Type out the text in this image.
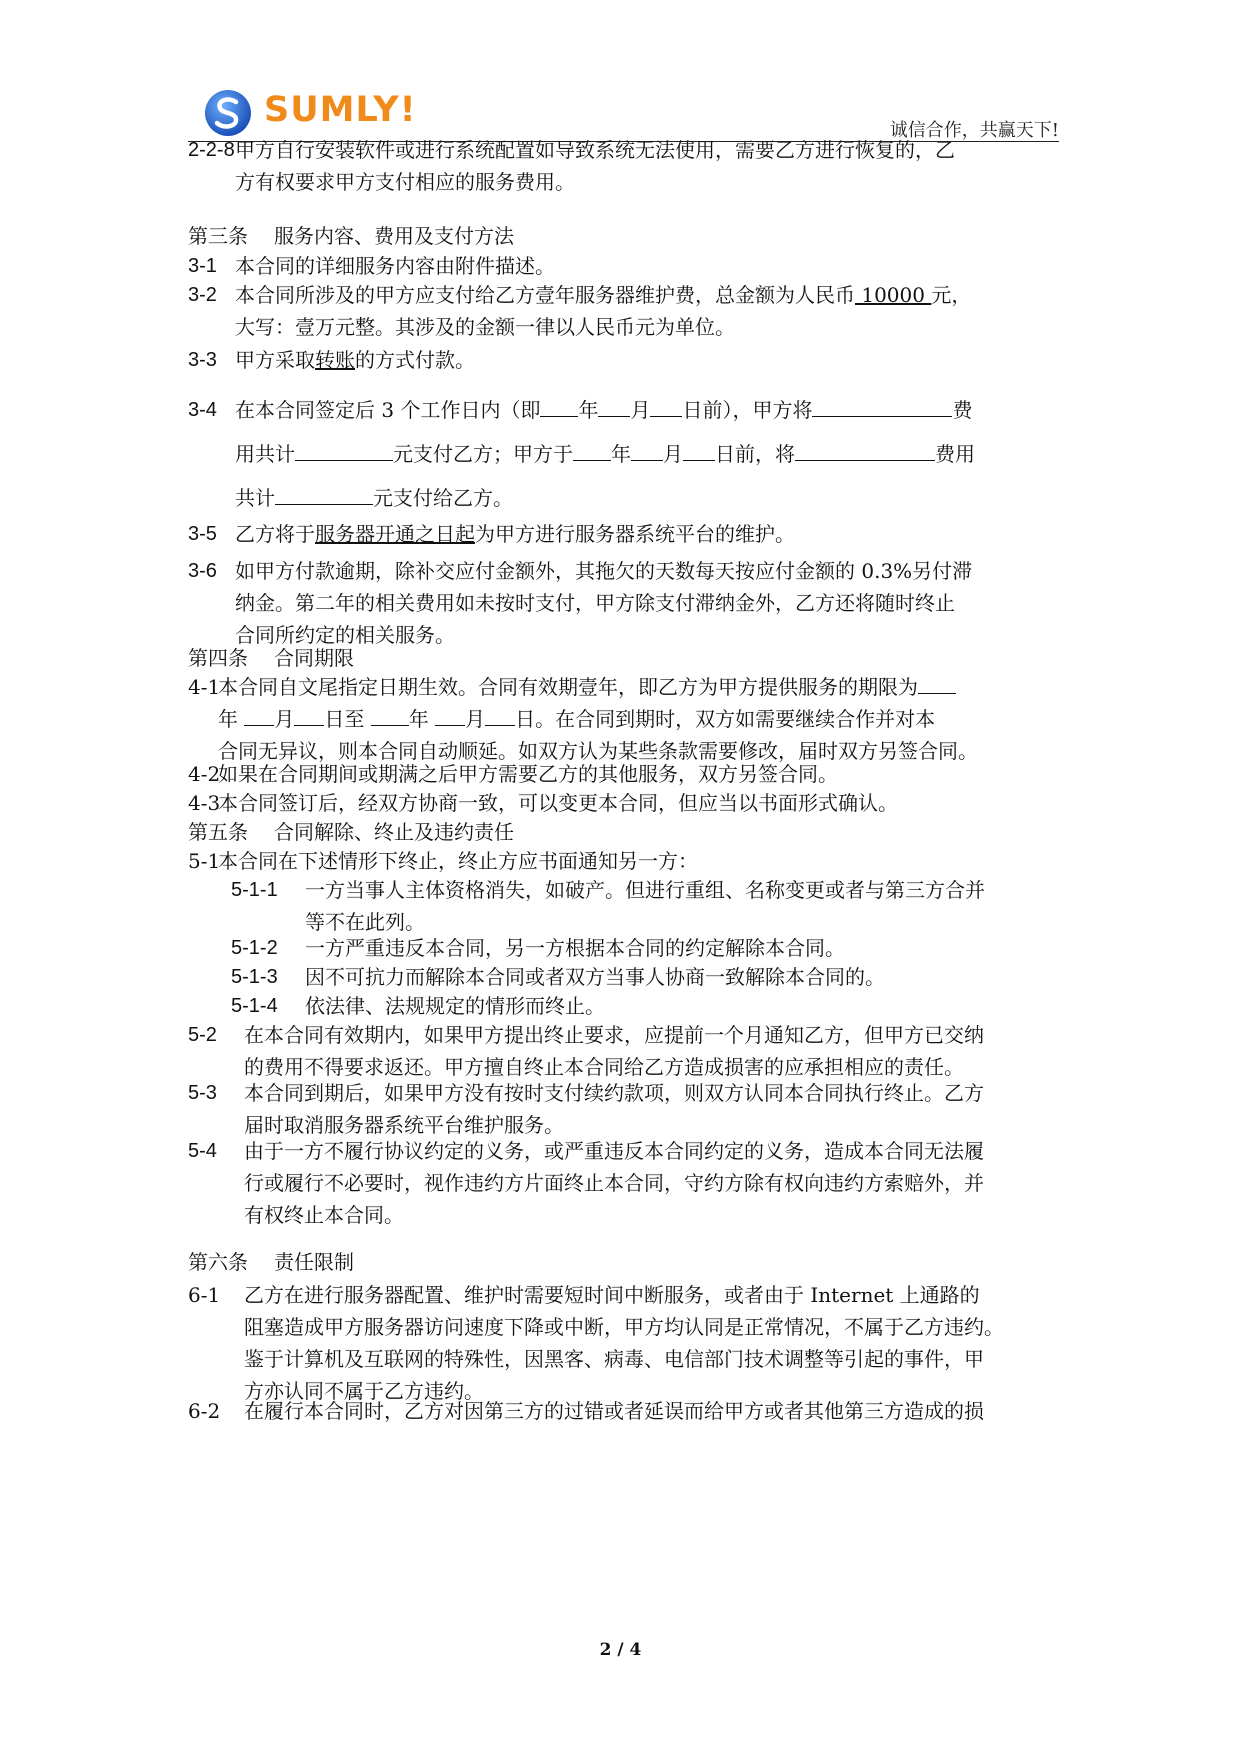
SUMLY!
诚信合作，共赢天下!
2-2-8 甲方自行安装软件或进行系统配置如导致系统无法使用，需要乙方进行恢复的，乙
方有权要求甲方支付相应的服务费用。
第三条 服务内容、费用及支付方法
3-1 本合同的详细服务内容由附件描述。
3-2 本合同所涉及的甲方应支付给乙方壹年服务器维护费，总金额为人民币 10000 元，
大写：壹万元整。其涉及的金额一律以人民币元为单位。
3-3 甲方采取转账的方式付款。
3-4 在本合同签定后 3 个工作日内（即 年 月 日前），甲方将	费
用共计	元支付乙方；甲方于 年 月 日前，将	费用
共计	元支付给乙方。
3-5 乙方将于服务器开通之日起为甲方进行服务器系统平台的维护。
3-6 如甲方付款逾期，除补交应付金额外，其拖欠的天数每天按应付金额的 0.3%另付滞
纳金。第二年的相关费用如未按时支付，甲方除支付滞纳金外，乙方还将随时终止
合同所约定的相关服务。
第四条 合同期限
4-1
本合同自文尾指定日期生效。合同有效期壹年，即乙方为甲方提供服务的期限为
年 月 日至 年 月 日。在合同到期时，双方如需要继续合作并对本
合同无异议，则本合同自动顺延。如双方认为某些条款需要修改，届时双方另签合同。
4-2
如果在合同期间或期满之后甲方需要乙方的其他服务，双方另签合同。
4-3
本合同签订后，经双方协商一致，可以变更本合同，但应当以书面形式确认。
第五条 合同解除、终止及违约责任
5-1
本合同在下述情形下终止，终止方应书面通知另一方：
5-1-1 一方当事人主体资格消失，如破产。但进行重组、名称变更或者与第三方合并
等不在此列。
5-1-2	一方严重违反本合同，另一方根据本合同的约定解除本合同。
5-1-3	因不可抗力而解除本合同或者双方当事人协商一致解除本合同的。
5-1-4	依法律、法规规定的情形而终止。
5-2 在本合同有效期内，如果甲方提出终止要求，应提前一个月通知乙方，但甲方已交纳
的费用不得要求返还。甲方擅自终止本合同给乙方造成损害的应承担相应的责任。
5-3 本合同到期后，如果甲方没有按时支付续约款项，则双方认同本合同执行终止。乙方
届时取消服务器系统平台维护服务。
5-4 由于一方不履行协议约定的义务，或严重违反本合同约定的义务，造成本合同无法履
行或履行不必要时，视作违约方片面终止本合同，守约方除有权向违约方索赔外，并
有权终止本合同。
第六条 责任限制
6-1 乙方在进行服务器配置、维护时需要短时间中断服务，或者由于 Internet 上通路的
阻塞造成甲方服务器访问速度下降或中断，甲方均认同是正常情况，不属于乙方违约。
鉴于计算机及互联网的特殊性，因黑客、病毒、电信部门技术调整等引起的事件，甲
方亦认同不属于乙方违约。
6-2	在履行本合同时，乙方对因第三方的过错或者延误而给甲方或者其他第三方造成的损
2 / 4
